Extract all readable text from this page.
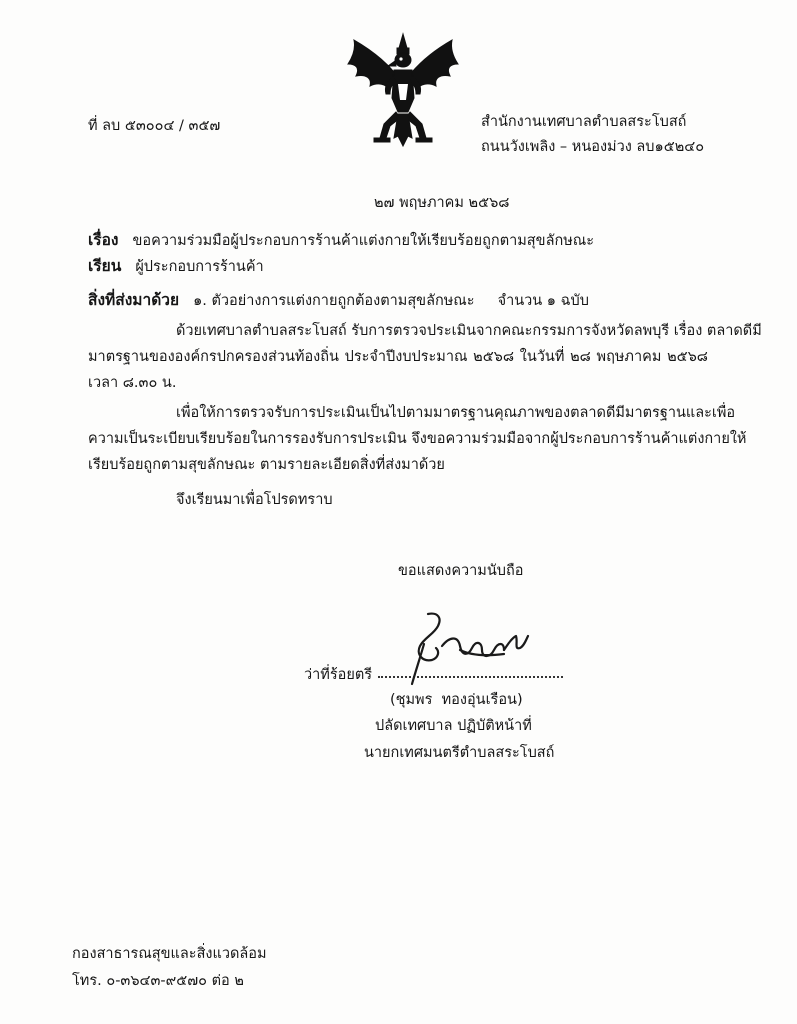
ที่ ลบ ๕๓๐๐๔ / ๓๕๗	สำนักงานเทศบาลตำบลสระโบสถ์
ถนนวังเพลิง – หนองม่วง ลบ๑๕๒๔๐
๒๗ พฤษภาคม ๒๕๖๘
เรื่อง ขอความร่วมมือผู้ประกอบการร้านค้าแต่งกายให้เรียบร้อยถูกตามสุขลักษณะ
เรียน ผู้ประกอบการร้านค้า
สิ่งที่ส่งมาด้วย ๑. ตัวอย่างการแต่งกายถูกต้องตามสุขลักษณะ     จำนวน ๑ ฉบับ
ด้วยเทศบาลตำบลสระโบสถ์ รับการตรวจประเมินจากคณะกรรมการจังหวัดลพบุรี เรื่อง ตลาดดีมี
มาตรฐานขององค์กรปกครองส่วนท้องถิ่น ประจำปีงบประมาณ ๒๕๖๘ ในวันที่ ๒๘ พฤษภาคม ๒๕๖๘
เวลา ๘.๓๐ น.
เพื่อให้การตรวจรับการประเมินเป็นไปตามมาตรฐานคุณภาพของตลาดดีมีมาตรฐานและเพื่อ
ความเป็นระเบียบเรียบร้อยในการรองรับการประเมิน จึงขอความร่วมมือจากผู้ประกอบการร้านค้าแต่งกายให้
เรียบร้อยถูกตามสุขลักษณะ ตามรายละเอียดสิ่งที่ส่งมาด้วย
จึงเรียนมาเพื่อโปรดทราบ
ขอแสดงความนับถือ
ว่าที่ร้อยตรี
(ชุมพร  ทองอุ่นเรือน)
ปลัดเทศบาล ปฏิบัติหน้าที่
นายกเทศมนตรีตำบลสระโบสถ์
กองสาธารณสุขและสิ่งแวดล้อม
โทร. ๐-๓๖๔๓-๙๕๗๐ ต่อ ๒
